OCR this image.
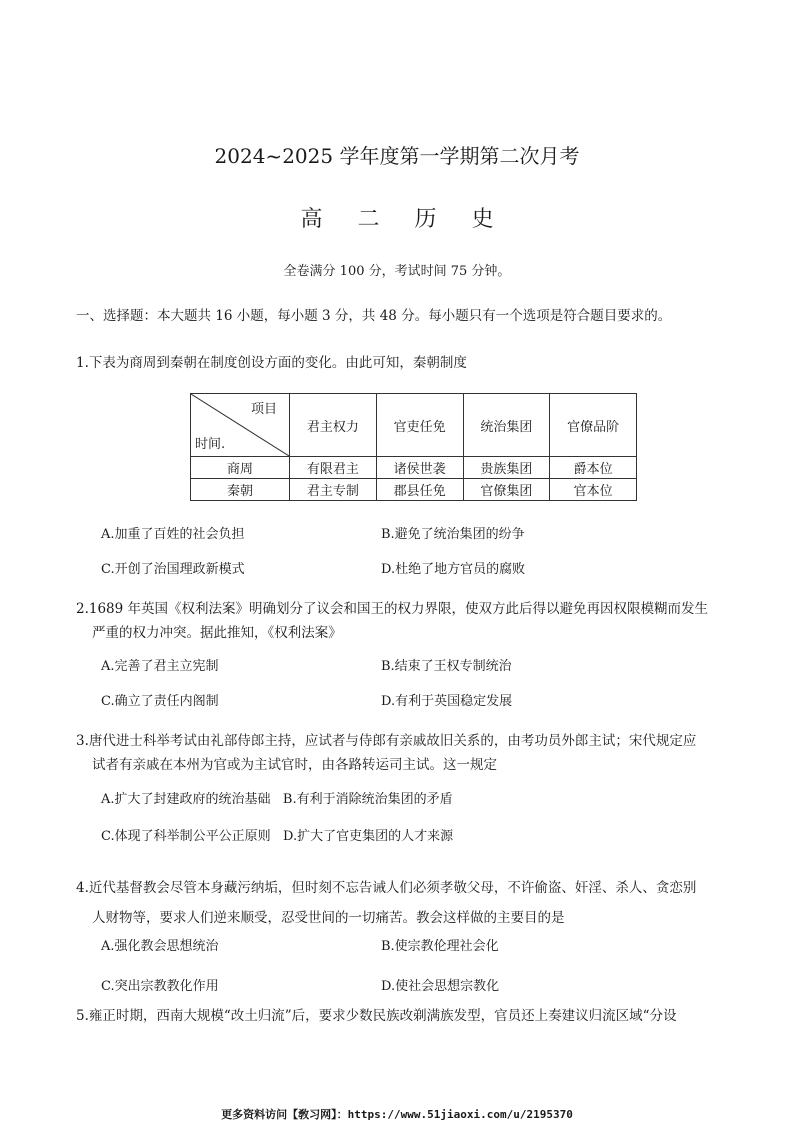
2024~2025 学年度第一学期第二次月考
高 二 历 史
全卷满分 100 分，考试时间 75 分钟。
一、选择题：本大题共 16 小题，每小题 3 分，共 48 分。每小题只有一个选项是符合题目要求的。
1.下表为商周到秦朝在制度创设方面的变化。由此可知，秦朝制度
项目
时间.	君主权力	官吏任免	统治集团	官僚品阶
商周	有限君主	诸侯世袭	贵族集团	爵本位
秦朝	君主专制	郡县任免	官僚集团	官本位
A.加重了百姓的社会负担	B.避免了统治集团的纷争
C.开创了治国理政新模式	D.杜绝了地方官员的腐败
2.1689 年英国《权利法案》明确划分了议会和国王的权力界限，使双方此后得以避免再因权限模糊而发生
严重的权力冲突。据此推知，《权利法案》
A.完善了君主立宪制	B.结束了王权专制统治
C.确立了责任内阁制	D.有利于英国稳定发展
3.唐代进士科举考试由礼部侍郎主持，应试者与侍郎有亲戚故旧关系的，由考功员外郎主试；宋代规定应
试者有亲戚在本州为官或为主试官时，由各路转运司主试。这一规定
A.扩大了封建政府的统治基础   B.有利于消除统治集团的矛盾
C.体现了科举制公平公正原则   D.扩大了官吏集团的人才来源
4.近代基督教会尽管本身藏污纳垢，但时刻不忘告诫人们必须孝敬父母，不许偷盗、奸淫、杀人、贪恋别
人财物等，要求人们逆来顺受，忍受世间的一切痛苦。教会这样做的主要目的是
A.强化教会思想统治	B.使宗教伦理社会化
C.突出宗教教化作用	D.使社会思想宗教化
5.雍正时期，西南大规模“改土归流”后，要求少数民族改剃满族发型，官员还上奏建议归流区域“分设
更多资料访问【敎习网】：https://www.51jiaoxi.com/u/2195370
